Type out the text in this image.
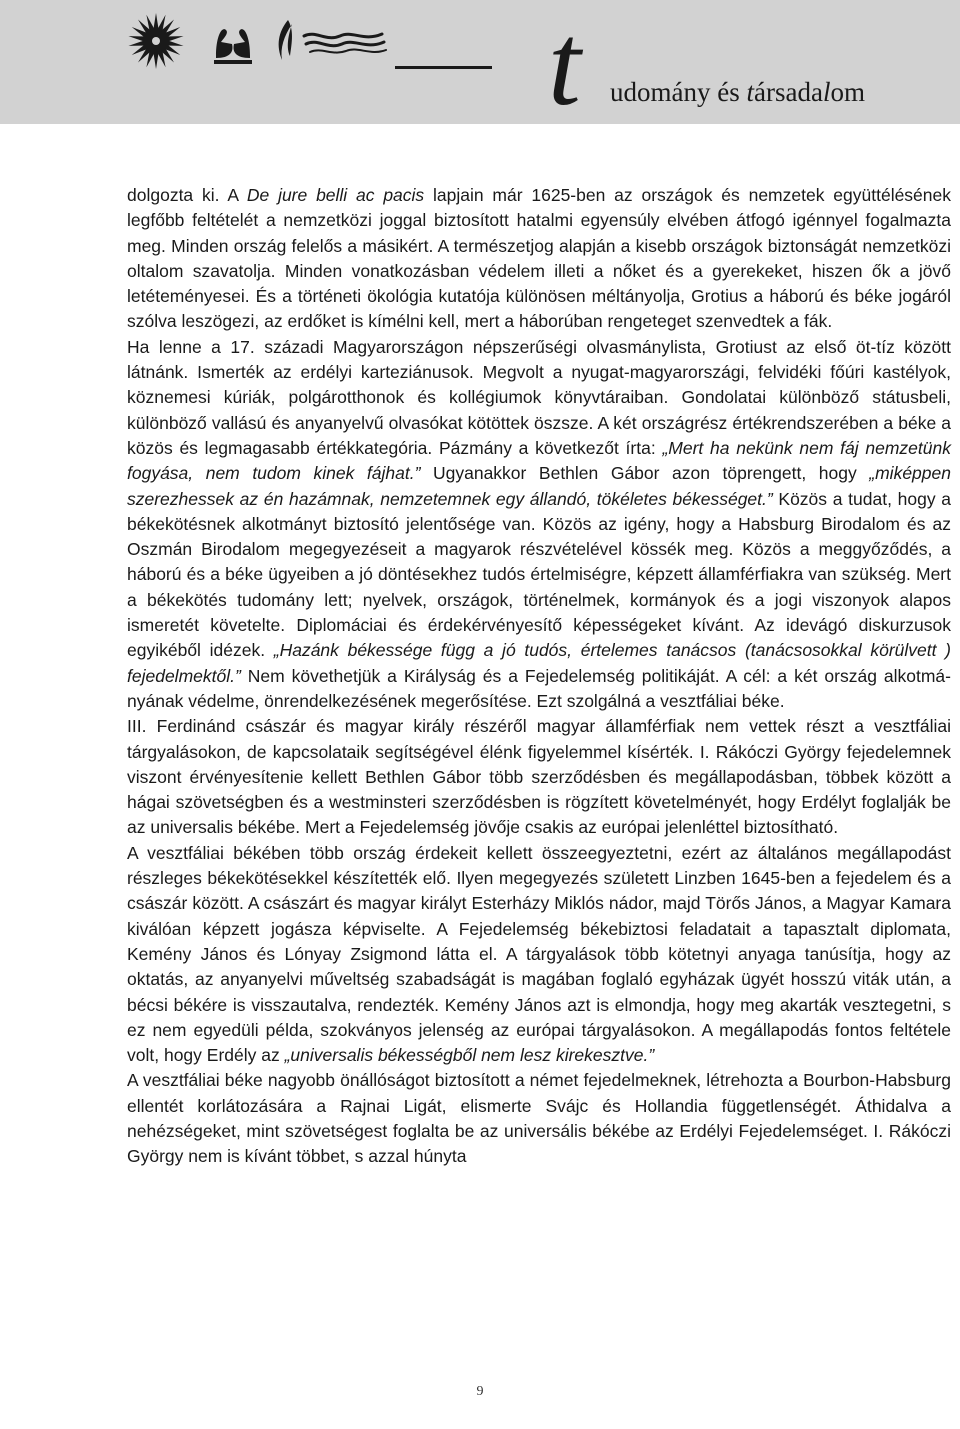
t udomány és társadalom

dolgozta ki. A De jure belli ac pacis lapjain már 1625-ben az országok és nemzetek együttélésének legfőbb feltételét a nemzetközi joggal biztosított hatalmi egyensúly elvében átfogó igénnyel fogalmazta meg. Minden ország felelős a másikért. A természetjog alapján a kisebb országok biztonságát nemzetközi oltalom szavatolja. Minden vonatkozásban védelem illeti a nőket és a gyerekeket, hiszen ők a jövő letéteményesei. És a történeti ökológia kutatója különösen méltányolja, Grotius a háború és béke jogáról szólva leszögezi, az erdőket is kímélni kell, mert a háborúban rengeteget szenvedtek a fák.

Ha lenne a 17. századi Magyarországon népszerűségi olvasmánylista, Grotiust az első öt-tíz között látnánk. Ismerték az erdélyi karteziánusok. Megvolt a nyugat-magyarországi, felvidéki főúri kastélyok, köznemesi kúriák, polgárotthonok és kollégiumok könyvtáraiban. Gondolatai különböző státusbeli, különböző vallású és anyanyelvű olvasókat kötöttek öszsze. A két országrész értékrendszerében a béke a közös és legmagasabb értékkategória. Pázmány a következőt írta: „Mert ha nekünk nem fáj nemzetünk fogyása, nem tudom kinek fájhat.” Ugyanakkor Bethlen Gábor azon töprengett, hogy „miképpen szerezhessek az én hazámnak, nemzetemnek egy állandó, tökéletes békességet.” Közös a tudat, hogy a békekötésnek alkotmányt biztosító jelentősége van. Közös az igény, hogy a Habsburg Birodalom és az Oszmán Birodalom megegyezéseit a magyarok részvételével kössék meg. Közös a meggyőződés, a háború és a béke ügyeiben a jó döntésekhez tudós értelmiségre, képzett államférfiakra van szükség. Mert a békekötés tudomány lett; nyelvek, országok, történelmek, kormányok és a jogi viszonyok alapos ismeretét követelte. Diplomáciai és érdekérvényesítő képességeket kívánt. Az idevágó diskurzusok egyikéből idézek. „Hazánk békessége függ a jó tudós, értelemes tanácsos (tanácsosokkal körülvett ) fejedelmektől.” Nem követhetjük a Királyság és a Fejedelemség politikáját. A cél: a két ország alkotmányának védelme, önrendelkezésének megerősítése. Ezt szolgálná a vesztfáliai béke.

III. Ferdinánd császár és magyar király részéről magyar államférfiak nem vettek részt a vesztfáliai tárgyalásokon, de kapcsolataik segítségével élénk figyelemmel kísérték. I. Rákóczi György fejedelemnek viszont érvényesítenie kellett Bethlen Gábor több szerződésben és megállapodásban, többek között a hágai szövetségben és a westminsteri szerződésben is rögzített követelményét, hogy Erdélyt foglalják be az universalis békébe. Mert a Fejedelemség jövője csakis az európai jelenléttel biztosítható.

A vesztfáliai békében több ország érdekeit kellett összeegyeztetni, ezért az általános megállapodást részleges békekötésekkel készítették elő. Ilyen megegyezés született Linzben 1645-ben a fejedelem és a császár között. A császárt és magyar királyt Esterházy Miklós nádor, majd Törős János, a Magyar Kamara kiválóan képzett jogásza képviselte. A Fejedelemség békebiztosi feladatait a tapasztalt diplomata, Kemény János és Lónyay Zsigmond látta el. A tárgyalások több kötetnyi anyaga tanúsítja, hogy az oktatás, az anyanyelvi műveltség szabadságát is magában foglaló egyházak ügyét hosszú viták után, a bécsi békére is visszautalva, rendezték. Kemény János azt is elmondja, hogy meg akarták vesztegetni, s ez nem egyedüli példa, szokványos jelenség az európai tárgyalásokon. A megállapodás fontos feltétele volt, hogy Erdély az „universalis békességből nem lesz kirekesztve.”

A vesztfáliai béke nagyobb önállóságot biztosított a német fejedelmeknek, létrehozta a Bourbon-Habsburg ellentét korlátozására a Rajnai Ligát, elismerte Svájc és Hollandia függetlenségét. Áthidalva a nehézségeket, mint szövetségest foglalta be az universális békébe az Erdélyi Fejedelemséget. I. Rákóczi György nem is kívánt többet, s azzal húnyta

9
